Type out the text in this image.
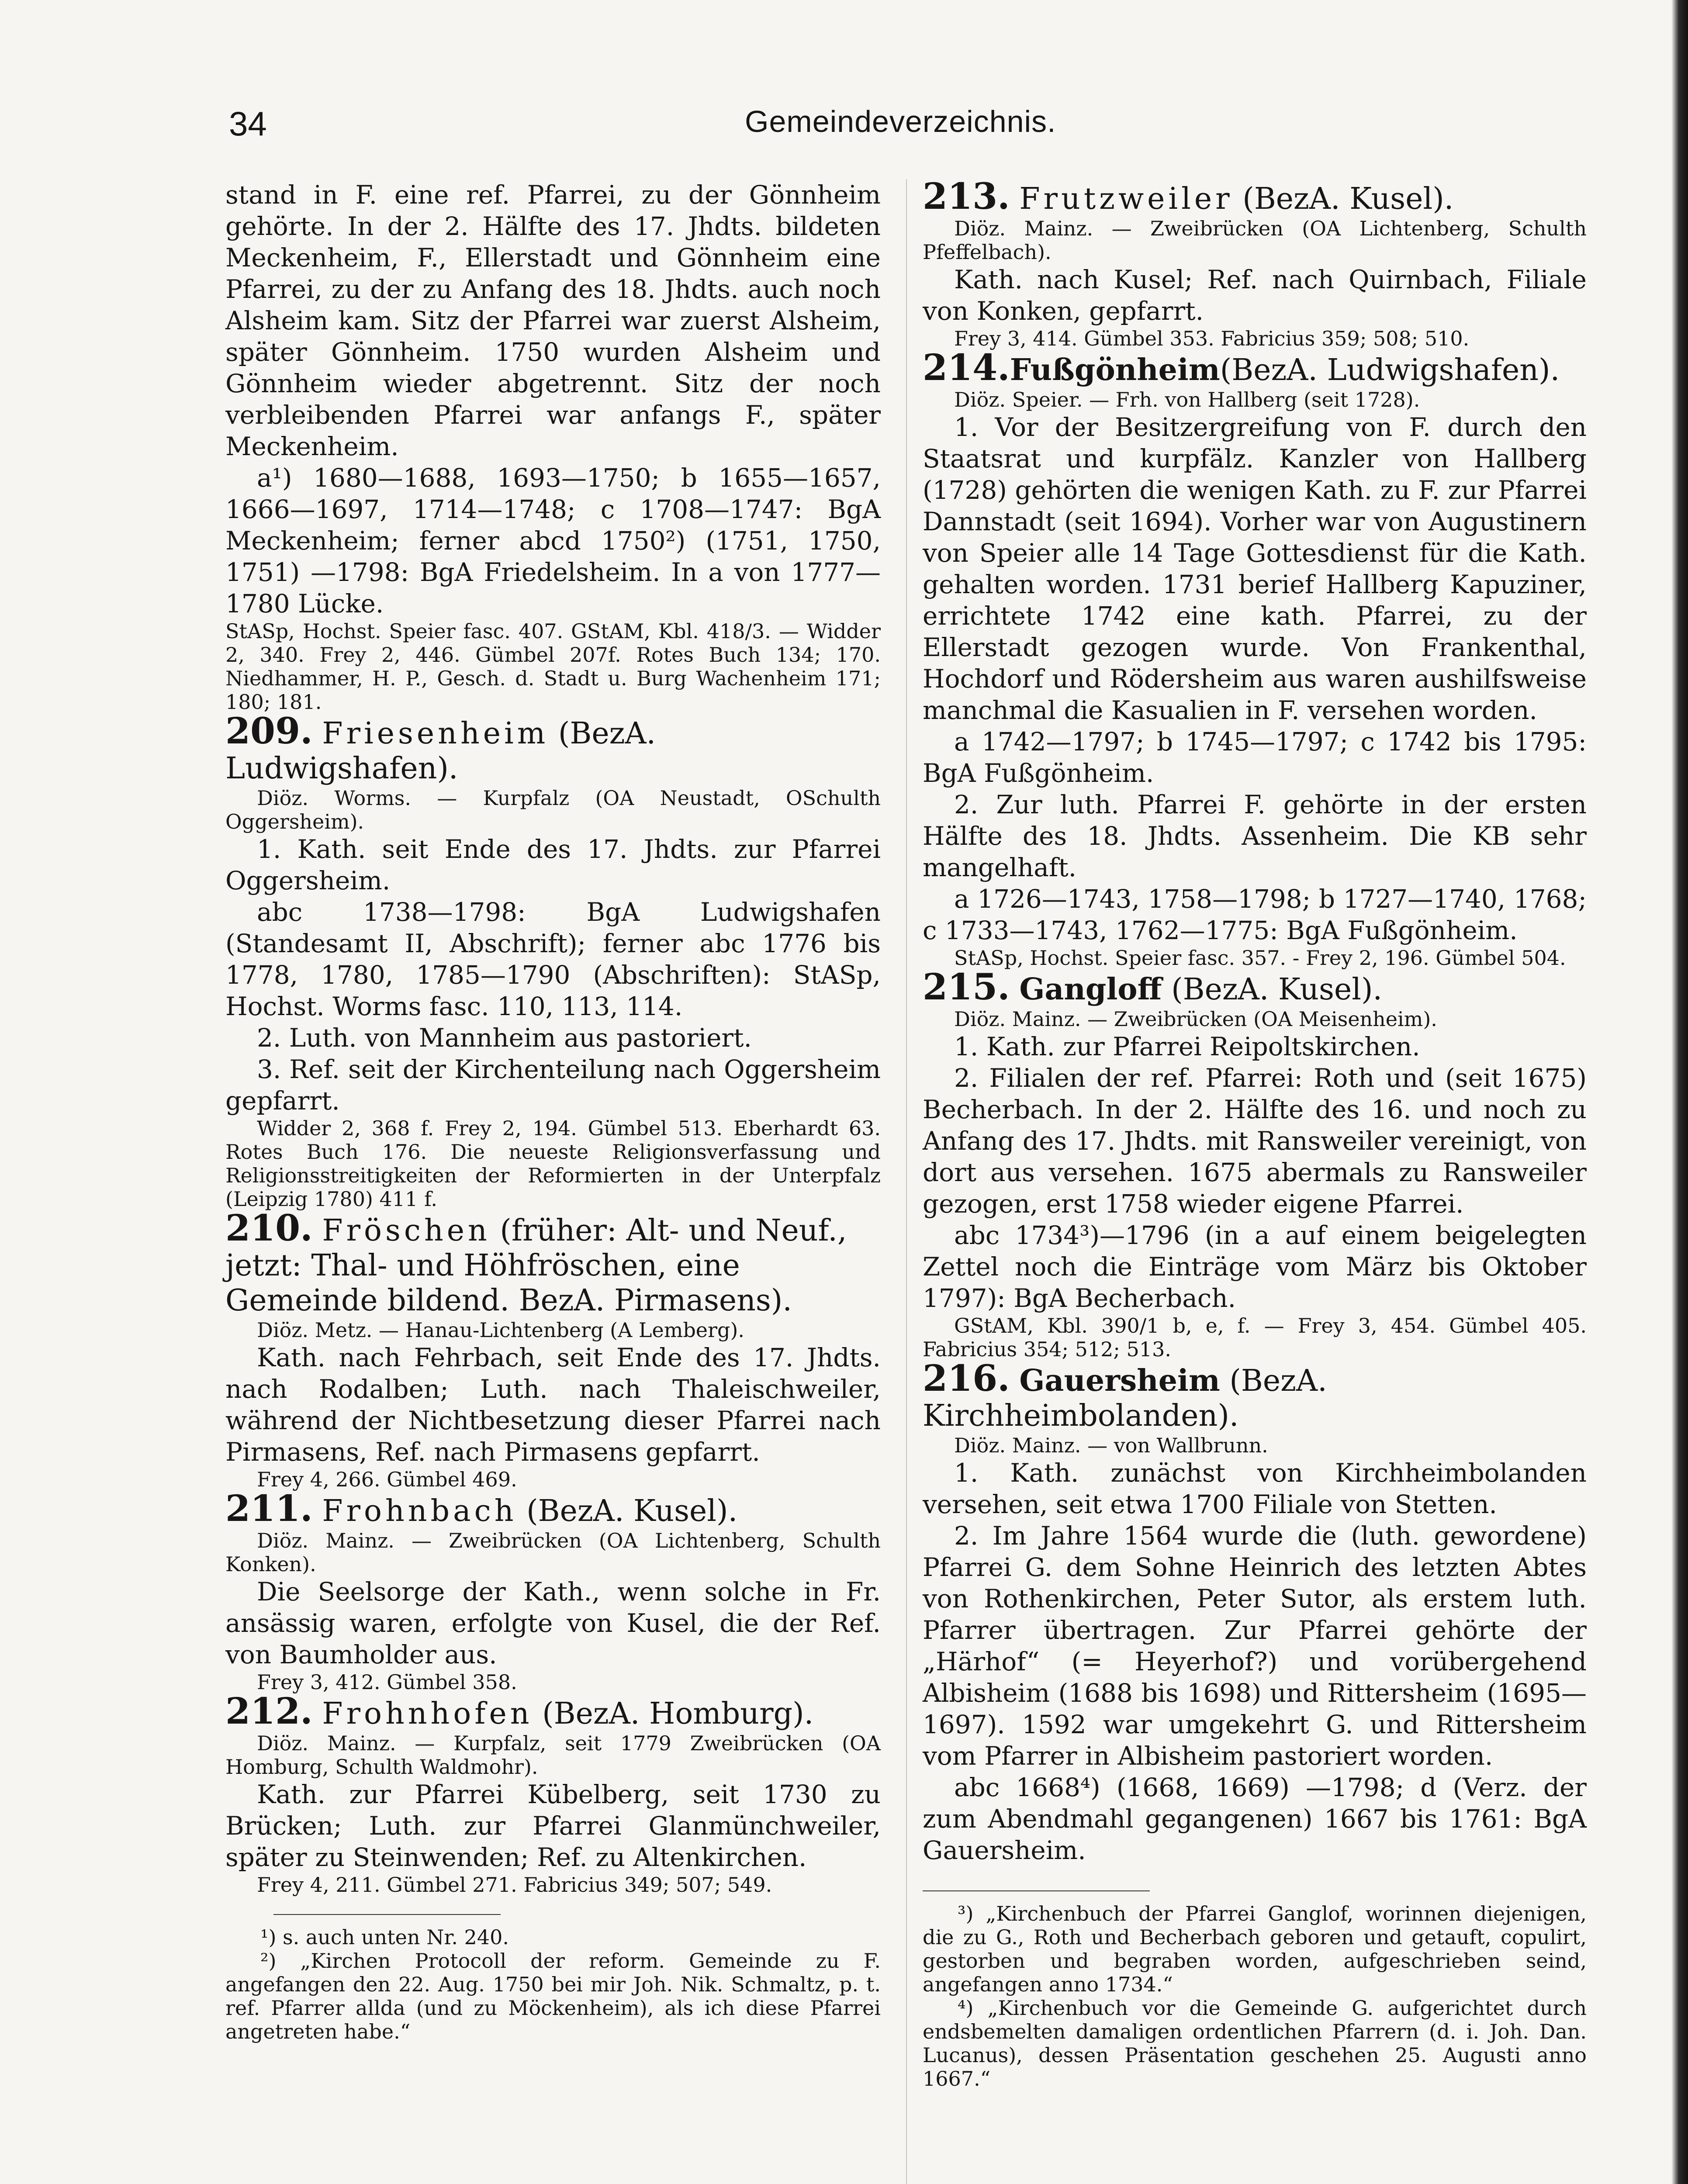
34	Gemeindeverzeichnis.

stand in F. eine ref. Pfarrei, zu der Gönnheim gehörte. In der 2. Hälfte des 17. Jhdts. bildeten Meckenheim, F., Ellerstadt und Gönnheim eine Pfarrei, zu der zu Anfang des 18. Jhdts. auch noch Alsheim kam. Sitz der Pfarrei war zuerst Alsheim, später Gönnheim. 1750 wurden Alsheim und Gönnheim wieder abgetrennt. Sitz der noch verbleibenden Pfarrei war anfangs F., später Meckenheim.

a¹) 1680—1688, 1693—1750; b 1655—1657, 1666—1697, 1714—1748; c 1708—1747: BgA Meckenheim; ferner abcd 1750²) (1751, 1750, 1751) —1798: BgA Friedelsheim. In a von 1777—1780 Lücke.

StASp, Hochst. Speier fasc. 407. GStAM, Kbl. 418/3. — Widder 2, 340. Frey 2, 446. Gümbel 207f. Rotes Buch 134; 170. Niedhammer, H. P., Gesch. d. Stadt u. Burg Wachenheim 171; 180; 181.

209. Friesenheim (BezA. Ludwigshafen).

Diöz. Worms. — Kurpfalz (OA Neustadt, OSchulth Oggersheim).

1. Kath. seit Ende des 17. Jhdts. zur Pfarrei Oggersheim.

abc 1738—1798: BgA Ludwigshafen (Standesamt II, Abschrift); ferner abc 1776 bis 1778, 1780, 1785—1790 (Abschriften): StASp, Hochst. Worms fasc. 110, 113, 114.

2. Luth. von Mannheim aus pastoriert.

3. Ref. seit der Kirchenteilung nach Oggersheim gepfarrt.

Widder 2, 368 f. Frey 2, 194. Gümbel 513. Eberhardt 63. Rotes Buch 176. Die neueste Religionsverfassung und Religionsstreitigkeiten der Reformierten in der Unterpfalz (Leipzig 1780) 411 f.

210. Fröschen (früher: Alt- und Neuf., jetzt: Thal- und Höhfröschen, eine Gemeinde bildend. BezA. Pirmasens).

Diöz. Metz. — Hanau-Lichtenberg (A Lemberg).

Kath. nach Fehrbach, seit Ende des 17. Jhdts. nach Rodalben; Luth. nach Thaleischweiler, während der Nichtbesetzung dieser Pfarrei nach Pirmasens, Ref. nach Pirmasens gepfarrt.

Frey 4, 266. Gümbel 469.

211. Frohnbach (BezA. Kusel).

Diöz. Mainz. — Zweibrücken (OA Lichtenberg, Schulth Konken).

Die Seelsorge der Kath., wenn solche in Fr. ansässig waren, erfolgte von Kusel, die der Ref. von Baumholder aus.

Frey 3, 412. Gümbel 358.

212. Frohnhofen (BezA. Homburg).

Diöz. Mainz. — Kurpfalz, seit 1779 Zweibrücken (OA Homburg, Schulth Waldmohr).

Kath. zur Pfarrei Kübelberg, seit 1730 zu Brücken; Luth. zur Pfarrei Glanmünchweiler, später zu Steinwenden; Ref. zu Altenkirchen.

Frey 4, 211. Gümbel 271. Fabricius 349; 507; 549.

¹) s. auch unten Nr. 240.

²) „Kirchen Protocoll der reform. Gemeinde zu F. angefangen den 22. Aug. 1750 bei mir Joh. Nik. Schmaltz, p. t. ref. Pfarrer allda (und zu Möckenheim), als ich diese Pfarrei angetreten habe.“

213. Frutzweiler (BezA. Kusel).

Diöz. Mainz. — Zweibrücken (OA Lichtenberg, Schulth Pfeffelbach).

Kath. nach Kusel; Ref. nach Quirnbach, Filiale von Konken, gepfarrt.

Frey 3, 414. Gümbel 353. Fabricius 359; 508; 510.

214.Fußgönheim(BezA. Ludwigshafen).

Diöz. Speier. — Frh. von Hallberg (seit 1728).

1. Vor der Besitzergreifung von F. durch den Staatsrat und kurpfälz. Kanzler von Hallberg (1728) gehörten die wenigen Kath. zu F. zur Pfarrei Dannstadt (seit 1694). Vorher war von Augustinern von Speier alle 14 Tage Gottesdienst für die Kath. gehalten worden. 1731 berief Hallberg Kapuziner, errichtete 1742 eine kath. Pfarrei, zu der Ellerstadt gezogen wurde. Von Frankenthal, Hochdorf und Rödersheim aus waren aushilfsweise manchmal die Kasualien in F. versehen worden.

a 1742—1797; b 1745—1797; c 1742 bis 1795: BgA Fußgönheim.

2. Zur luth. Pfarrei F. gehörte in der ersten Hälfte des 18. Jhdts. Assenheim. Die KB sehr mangelhaft.

a 1726—1743, 1758—1798; b 1727—1740, 1768; c 1733—1743, 1762—1775: BgA Fußgönheim.

StASp, Hochst. Speier fasc. 357. - Frey 2, 196. Gümbel 504.

215. Gangloff (BezA. Kusel).

Diöz. Mainz. — Zweibrücken (OA Meisenheim).

1. Kath. zur Pfarrei Reipoltskirchen.

2. Filialen der ref. Pfarrei: Roth und (seit 1675) Becherbach. In der 2. Hälfte des 16. und noch zu Anfang des 17. Jhdts. mit Ransweiler vereinigt, von dort aus versehen. 1675 abermals zu Ransweiler gezogen, erst 1758 wieder eigene Pfarrei.

abc 1734³)—1796 (in a auf einem beigelegten Zettel noch die Einträge vom März bis Oktober 1797): BgA Becherbach.

GStAM, Kbl. 390/1 b, e, f. — Frey 3, 454. Gümbel 405. Fabricius 354; 512; 513.

216. Gauersheim (BezA. Kirchheimbolanden).

Diöz. Mainz. — von Wallbrunn.

1. Kath. zunächst von Kirchheimbolanden versehen, seit etwa 1700 Filiale von Stetten.

2. Im Jahre 1564 wurde die (luth. gewordene) Pfarrei G. dem Sohne Heinrich des letzten Abtes von Rothenkirchen, Peter Sutor, als erstem luth. Pfarrer übertragen. Zur Pfarrei gehörte der „Härhof“ (= Heyerhof?) und vorübergehend Albisheim (1688 bis 1698) und Rittersheim (1695—1697). 1592 war umgekehrt G. und Rittersheim vom Pfarrer in Albisheim pastoriert worden.

abc 1668⁴) (1668, 1669) —1798; d (Verz. der zum Abendmahl gegangenen) 1667 bis 1761: BgA Gauersheim.

³) „Kirchenbuch der Pfarrei Ganglof, worinnen diejenigen, die zu G., Roth und Becherbach geboren und getauft, copulirt, gestorben und begraben worden, aufgeschrieben seind, angefangen anno 1734.“

⁴) „Kirchenbuch vor die Gemeinde G. aufgerichtet durch endsbemelten damaligen ordentlichen Pfarrern (d. i. Joh. Dan. Lucanus), dessen Präsentation geschehen 25. Augusti anno 1667.“
